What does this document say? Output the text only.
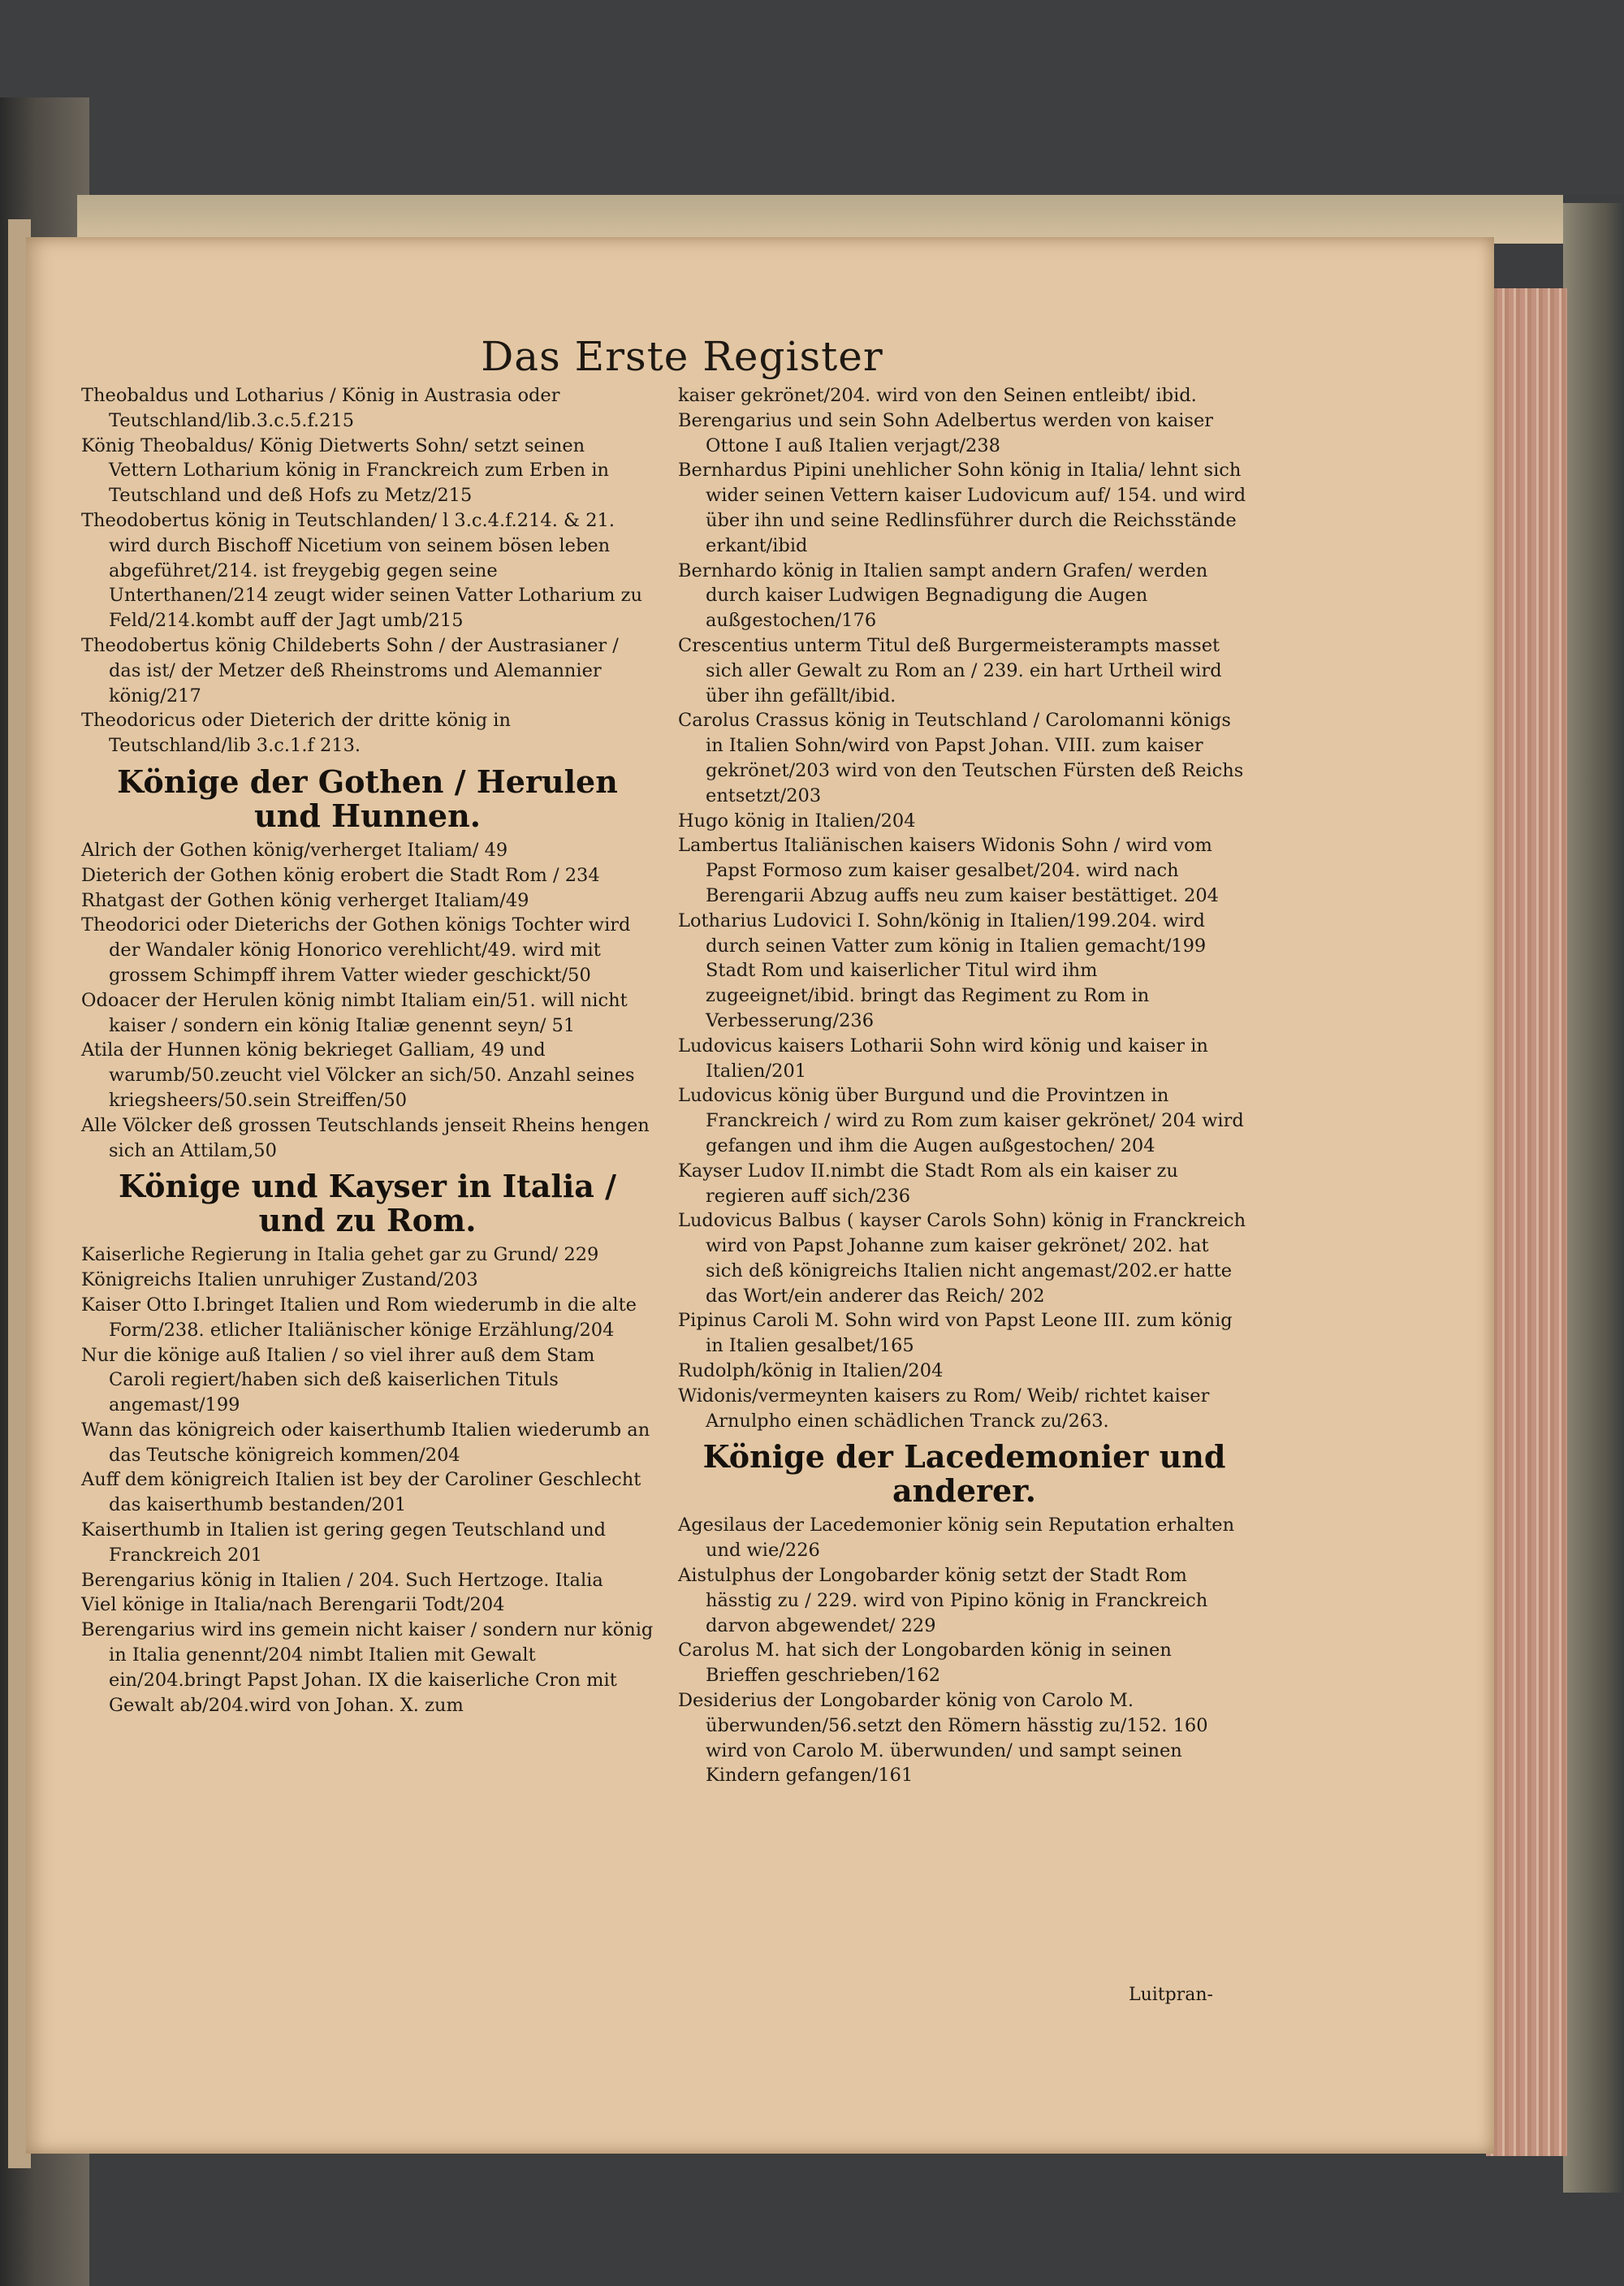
Das Erste Register

Theobaldus und Lotharius / König in Austrasia oder Teutschland/lib.3.c.5.f.215

König Theobaldus/ König Dietwerts Sohn/ setzt seinen Vettern Lotharium könig in Franckreich zum Erben in Teutschland und deß Hofs zu Metz/215

Theodobertus könig in Teutschlanden/ l 3.c.4.f.214. & 21. wird durch Bischoff Nicetium von seinem bösen leben abgeführet/214. ist freygebig gegen seine Unterthanen/214 zeugt wider seinen Vatter Lotharium zu Feld/214.kombt auff der Jagt umb/215

Theodobertus könig Childeberts Sohn / der Austrasianer / das ist/ der Metzer deß Rheinstroms und Alemannier könig/217

Theodoricus oder Dieterich der dritte könig in Teutschland/lib 3.c.1.f 213.

Könige der Gothen / Herulen und Hunnen.

Alrich der Gothen könig/verherget Italiam/ 49

Dieterich der Gothen könig erobert die Stadt Rom / 234

Rhatgast der Gothen könig verherget Italiam/49

Theodorici oder Dieterichs der Gothen königs Tochter wird der Wandaler könig Honorico verehlicht/49. wird mit grossem Schimpff ihrem Vatter wieder geschickt/50

Odoacer der Herulen könig nimbt Italiam ein/51. will nicht kaiser / sondern ein könig Italiæ genennt seyn/ 51

Atila der Hunnen könig bekrieget Galliam, 49 und warumb/50.zeucht viel Völcker an sich/50. Anzahl seines kriegsheers/50.sein Streiffen/50

Alle Völcker deß grossen Teutschlands jenseit Rheins hengen sich an Attilam,50

Könige und Kayser in Italia / und zu Rom.

Kaiserliche Regierung in Italia gehet gar zu Grund/ 229

Königreichs Italien unruhiger Zustand/203

Kaiser Otto I.bringet Italien und Rom wiederumb in die alte Form/238. etlicher Italiänischer könige Erzählung/204

Nur die könige auß Italien / so viel ihrer auß dem Stam Caroli regiert/haben sich deß kaiserlichen Tituls angemast/199

Wann das königreich oder kaiserthumb Italien wiederumb an das Teutsche königreich kommen/204

Auff dem königreich Italien ist bey der Caroliner Geschlecht das kaiserthumb bestanden/201

Kaiserthumb in Italien ist gering gegen Teutschland und Franckreich 201

Berengarius könig in Italien / 204. Such Hertzoge. Italia

Viel könige in Italia/nach Berengarii Todt/204

Berengarius wird ins gemein nicht kaiser / sondern nur könig in Italia genennt/204 nimbt Italien mit Gewalt ein/204.bringt Papst Johan. IX die kaiserliche Cron mit Gewalt ab/204.wird von Johan. X. zum

kaiser gekrönet/204. wird von den Seinen entleibt/ ibid.

Berengarius und sein Sohn Adelbertus werden von kaiser Ottone I auß Italien verjagt/238

Bernhardus Pipini unehlicher Sohn könig in Italia/ lehnt sich wider seinen Vettern kaiser Ludovicum auf/ 154. und wird über ihn und seine Redlinsführer durch die Reichsstände erkant/ibid

Bernhardo könig in Italien sampt andern Grafen/ werden durch kaiser Ludwigen Begnadigung die Augen außgestochen/176

Crescentius unterm Titul deß Burgermeisterampts masset sich aller Gewalt zu Rom an / 239. ein hart Urtheil wird über ihn gefällt/ibid.

Carolus Crassus könig in Teutschland / Carolomanni königs in Italien Sohn/wird von Papst Johan. VIII. zum kaiser gekrönet/203 wird von den Teutschen Fürsten deß Reichs entsetzt/203

Hugo könig in Italien/204

Lambertus Italiänischen kaisers Widonis Sohn / wird vom Papst Formoso zum kaiser gesalbet/204. wird nach Berengarii Abzug auffs neu zum kaiser bestättiget. 204

Lotharius Ludovici I. Sohn/könig in Italien/199.204. wird durch seinen Vatter zum könig in Italien gemacht/199 Stadt Rom und kaiserlicher Titul wird ihm zugeeignet/ibid. bringt das Regiment zu Rom in Verbesserung/236

Ludovicus kaisers Lotharii Sohn wird könig und kaiser in Italien/201

Ludovicus könig über Burgund und die Provintzen in Franckreich / wird zu Rom zum kaiser gekrönet/ 204 wird gefangen und ihm die Augen außgestochen/ 204

Kayser Ludov II.nimbt die Stadt Rom als ein kaiser zu regieren auff sich/236

Ludovicus Balbus ( kayser Carols Sohn) könig in Franckreich wird von Papst Johanne zum kaiser gekrönet/ 202. hat sich deß königreichs Italien nicht angemast/202.er hatte das Wort/ein anderer das Reich/ 202

Pipinus Caroli M. Sohn wird von Papst Leone III. zum könig in Italien gesalbet/165

Rudolph/könig in Italien/204

Widonis/vermeynten kaisers zu Rom/ Weib/ richtet kaiser Arnulpho einen schädlichen Tranck zu/263.

Könige der Lacedemonier und anderer.

Agesilaus der Lacedemonier könig sein Reputation erhalten und wie/226

Aistulphus der Longobarder könig setzt der Stadt Rom hässtig zu / 229. wird von Pipino könig in Franckreich darvon abgewendet/ 229

Carolus M. hat sich der Longobarden könig in seinen Brieffen geschrieben/162

Desiderius der Longobarder könig von Carolo M. überwunden/56.setzt den Römern hässtig zu/152. 160 wird von Carolo M. überwunden/ und sampt seinen Kindern gefangen/161

Luitpran-
